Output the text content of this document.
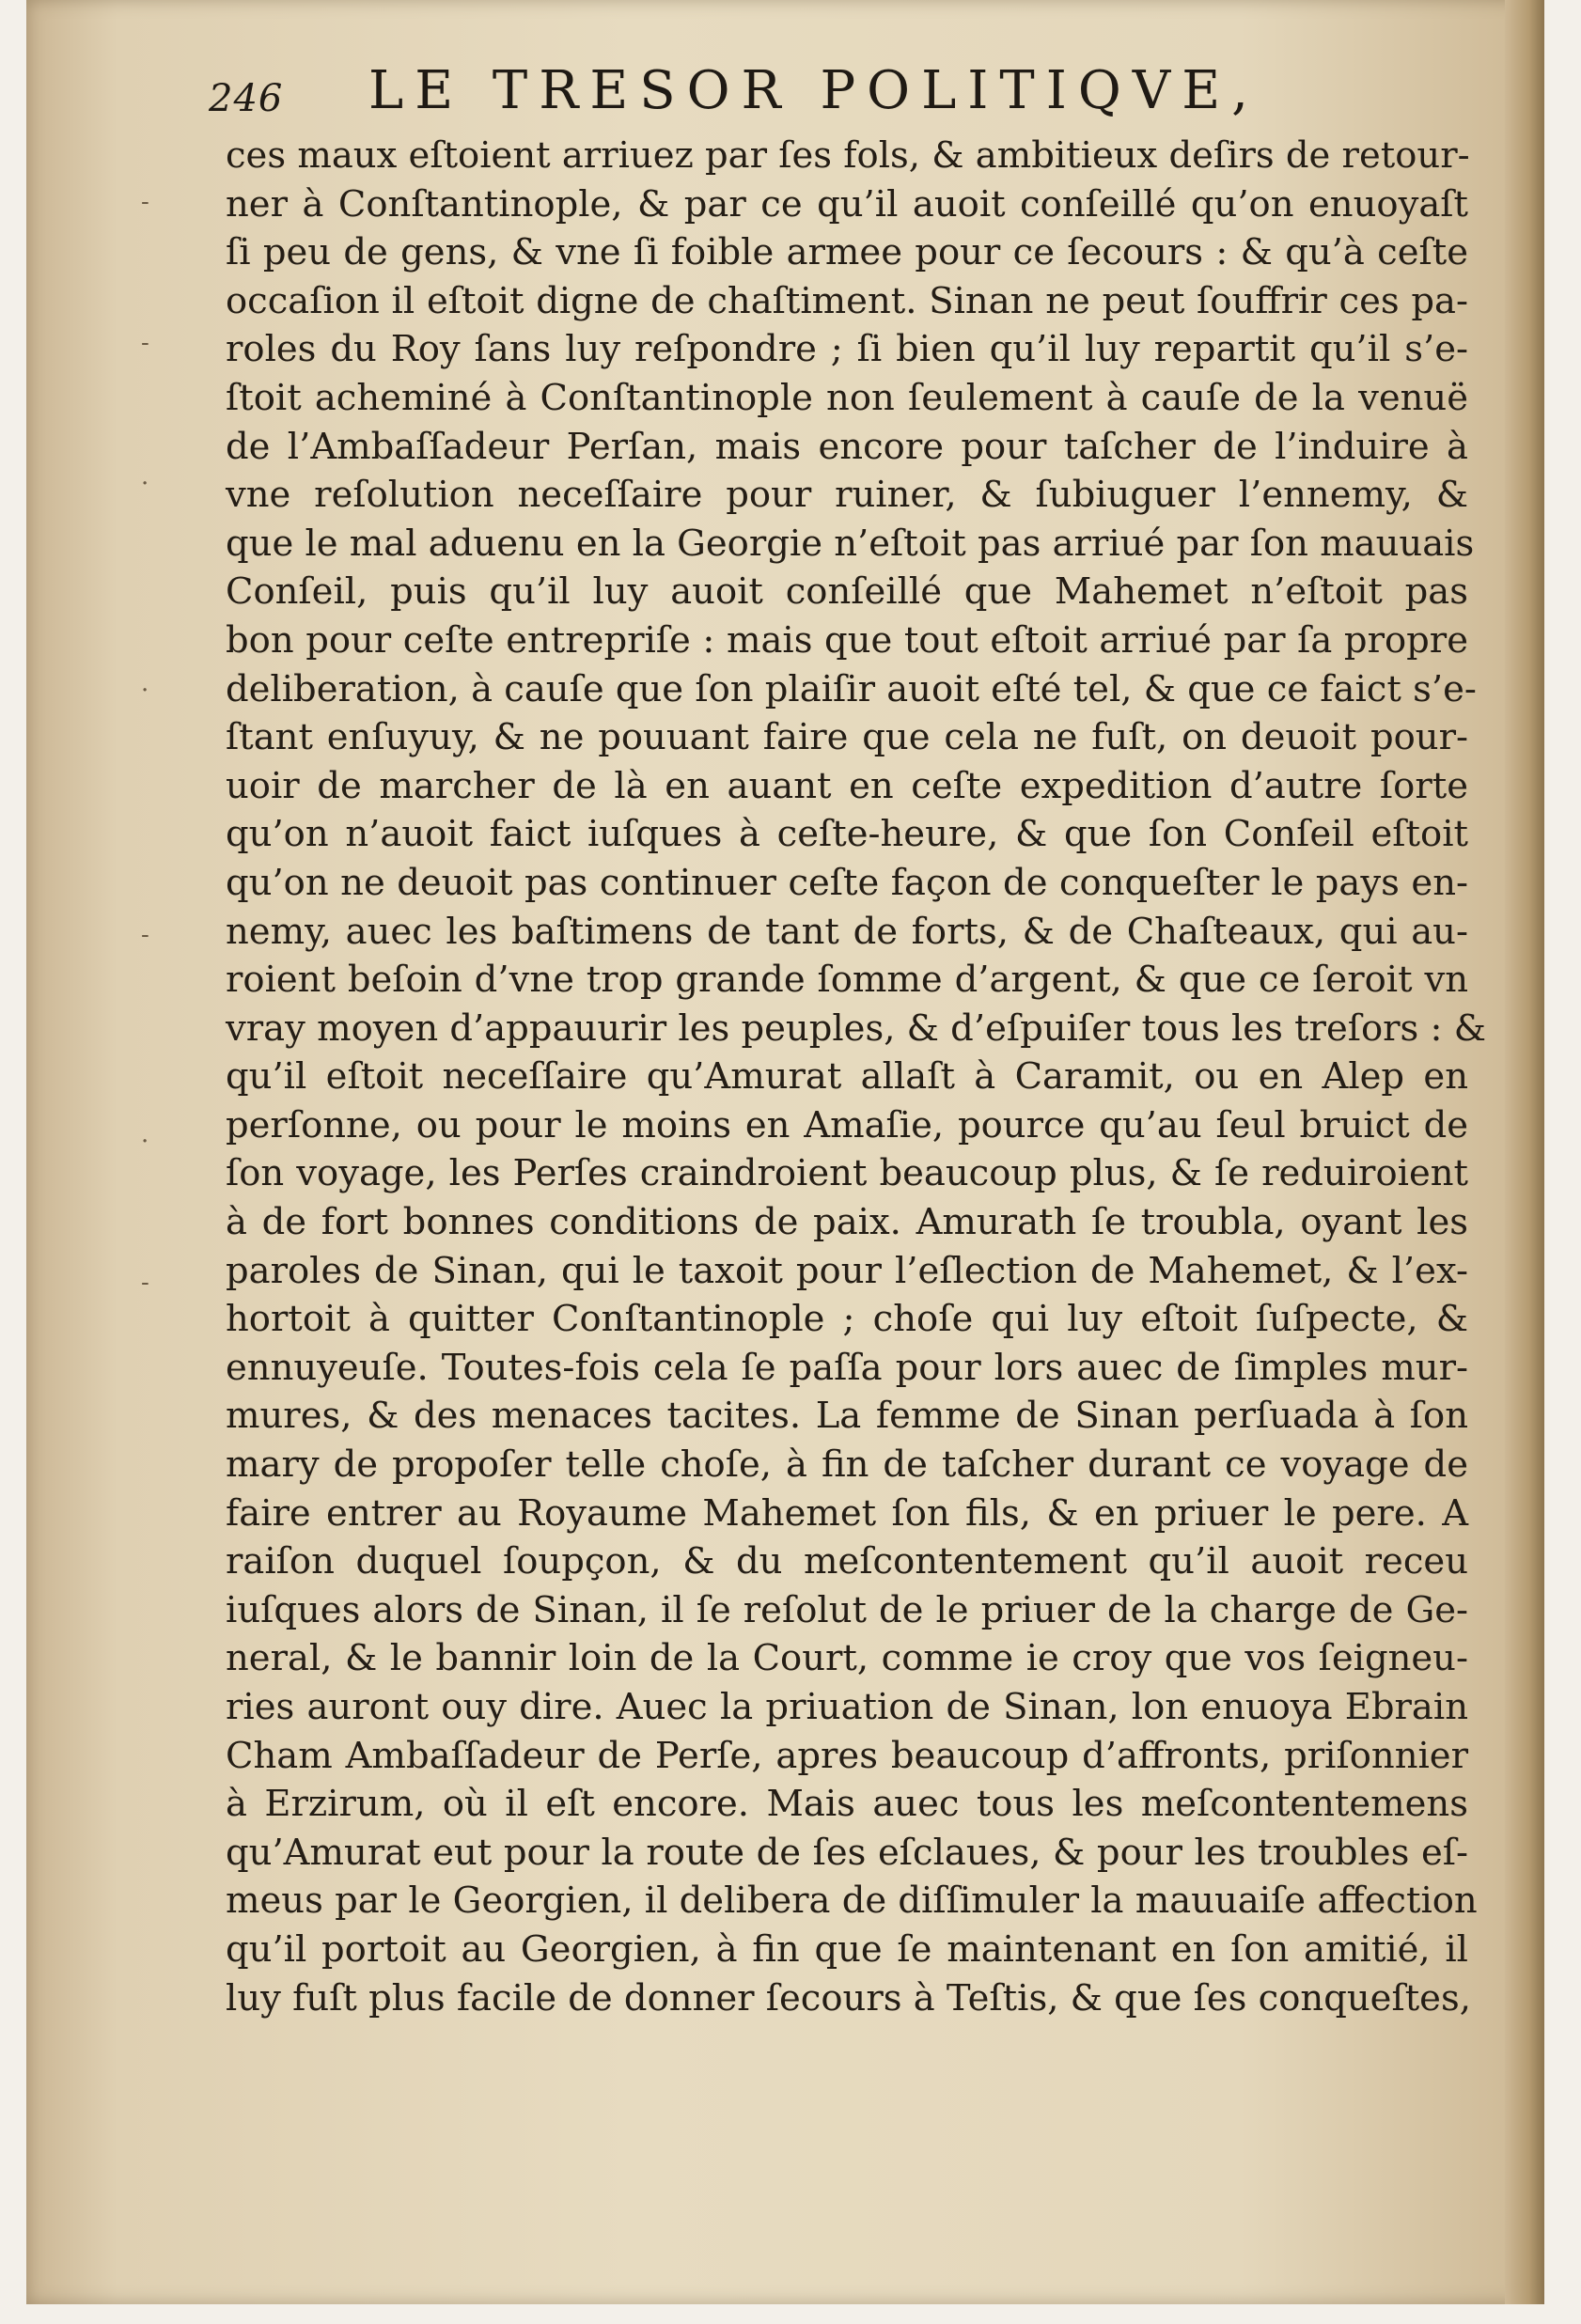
246 LE TRESOR POLITIQVE,
-
-
·
·
-
·
-
ces maux eſtoient arriuez par ſes fols, & ambitieux deſirs de retour-
ner à Conſtantinople, & par ce qu’il auoit conſeillé qu’on enuoyaſt
ſi peu de gens, & vne ſi foible armee pour ce ſecours : & qu’à ceſte
occaſion il eſtoit digne de chaſtiment. Sinan ne peut ſouffrir ces pa-
roles du Roy ſans luy reſpondre ; ſi bien qu’il luy repartit qu’il s’e-
ſtoit acheminé à Conſtantinople non ſeulement à cauſe de la venuë
de l’Ambaſſadeur Perſan, mais encore pour taſcher de l’induire à
vne reſolution neceſſaire pour ruiner, & ſubiuguer l’ennemy, &
que le mal aduenu en la Georgie n’eſtoit pas arriué par ſon mauuais
Conſeil, puis qu’il luy auoit conſeillé que Mahemet n’eſtoit pas
bon pour ceſte entrepriſe : mais que tout eſtoit arriué par ſa propre
deliberation, à cauſe que ſon plaiſir auoit eſté tel, & que ce faict s’e-
ſtant enſuyuy, & ne pouuant faire que cela ne fuſt, on deuoit pour-
uoir de marcher de là en auant en ceſte expedition d’autre ſorte
qu’on n’auoit faict iuſques à ceſte-heure, & que ſon Conſeil eſtoit
qu’on ne deuoit pas continuer ceſte façon de conqueſter le pays en-
nemy, auec les baſtimens de tant de forts, & de Chaſteaux, qui au-
roient beſoin d’vne trop grande ſomme d’argent, & que ce ſeroit vn
vray moyen d’appauurir les peuples, & d’eſpuiſer tous les treſors : &
qu’il eſtoit neceſſaire qu’Amurat allaſt à Caramit, ou en Alep en
perſonne, ou pour le moins en Amaſie, pource qu’au ſeul bruict de
ſon voyage, les Perſes craindroient beaucoup plus, & ſe reduiroient
à de fort bonnes conditions de paix. Amurath ſe troubla, oyant les
paroles de Sinan, qui le taxoit pour l’eſlection de Mahemet, & l’ex-
hortoit à quitter Conſtantinople ; choſe qui luy eſtoit ſuſpecte, &
ennuyeuſe. Toutes-fois cela ſe paſſa pour lors auec de ſimples mur-
mures, & des menaces tacites. La femme de Sinan perſuada à ſon
mary de propoſer telle choſe, à fin de taſcher durant ce voyage de
faire entrer au Royaume Mahemet ſon fils, & en priuer le pere. A
raiſon duquel ſoupçon, & du meſcontentement qu’il auoit receu
iuſques alors de Sinan, il ſe reſolut de le priuer de la charge de Ge-
neral, & le bannir loin de la Court, comme ie croy que vos ſeigneu-
ries auront ouy dire. Auec la priuation de Sinan, lon enuoya Ebrain
Cham Ambaſſadeur de Perſe, apres beaucoup d’affronts, priſonnier
à Erzirum, où il eſt encore. Mais auec tous les meſcontentemens
qu’Amurat eut pour la route de ſes eſclaues, & pour les troubles eſ-
meus par le Georgien, il delibera de diſſimuler la mauuaiſe affection
qu’il portoit au Georgien, à fin que ſe maintenant en ſon amitié, il
luy fuſt plus facile de donner ſecours à Teſtis, & que ſes conqueſtes,
